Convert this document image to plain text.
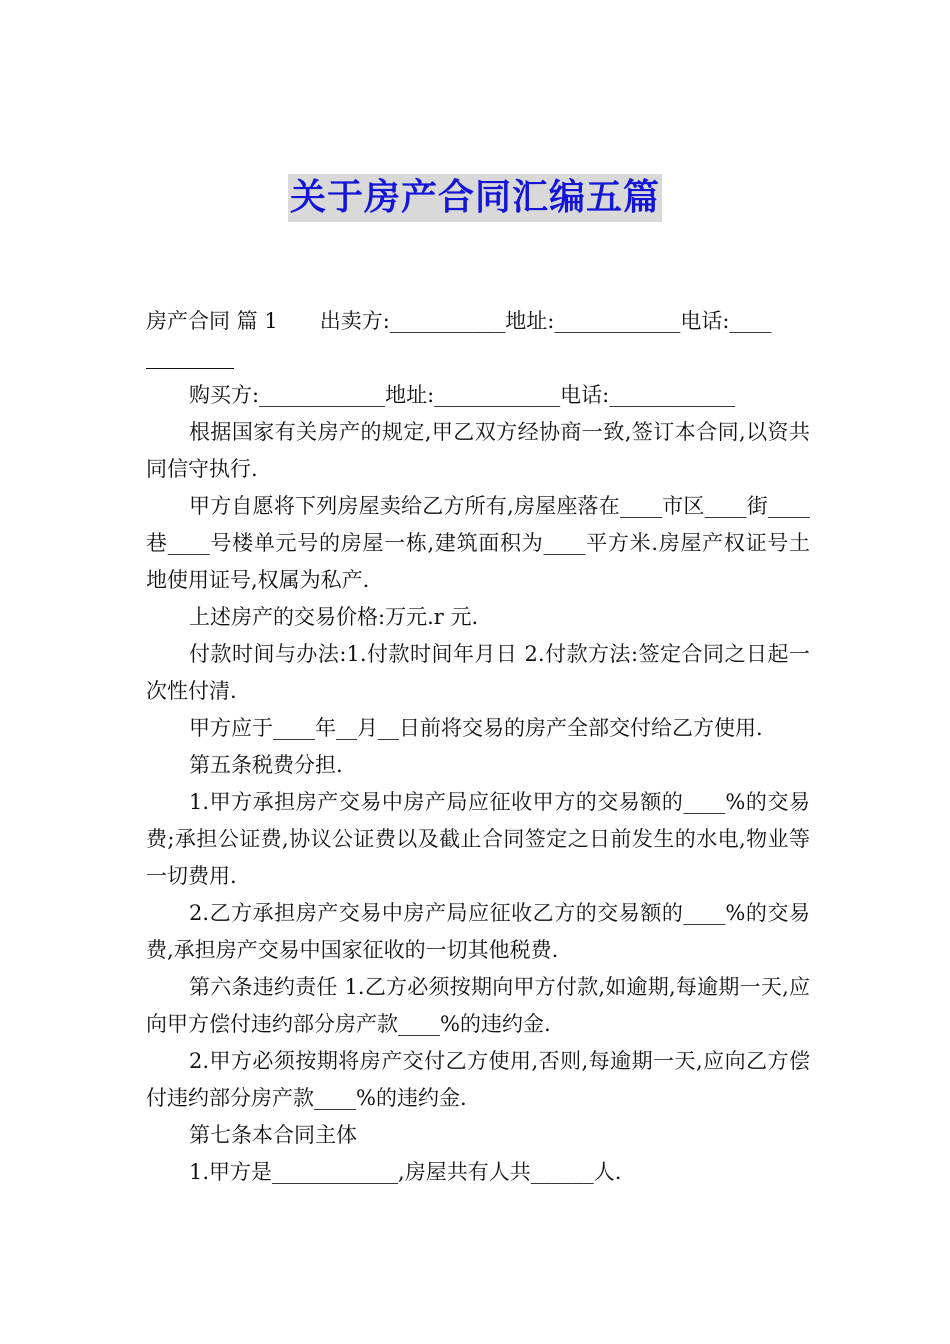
关于房产合同汇编五篇

房产合同 篇 1　　出卖方:___________地址:____________电话:____

购买方:____________地址:____________电话:____________

根据国家有关房产的规定,甲乙双方经协商一致,签订本合同,以资共同信守执行.

甲方自愿将下列房屋卖给乙方所有,房屋座落在____市区____街____巷____号楼单元号的房屋一栋,建筑面积为____平方米.房屋产权证号土地使用证号,权属为私产.

上述房产的交易价格:万元.r 元.

付款时间与办法:1.付款时间年月日 2.付款方法:签定合同之日起一次性付清.

甲方应于____年__月__日前将交易的房产全部交付给乙方使用.

第五条税费分担.

1.甲方承担房产交易中房产局应征收甲方的交易额的____%的交易费;承担公证费,协议公证费以及截止合同签定之日前发生的水电,物业等一切费用.

2.乙方承担房产交易中房产局应征收乙方的交易额的____%的交易费,承担房产交易中国家征收的一切其他税费.

第六条违约责任 1.乙方必须按期向甲方付款,如逾期,每逾期一天,应向甲方偿付违约部分房产款____%的违约金.

2.甲方必须按期将房产交付乙方使用,否则,每逾期一天,应向乙方偿付违约部分房产款____%的违约金.

第七条本合同主体

1.甲方是____________,房屋共有人共______人.
